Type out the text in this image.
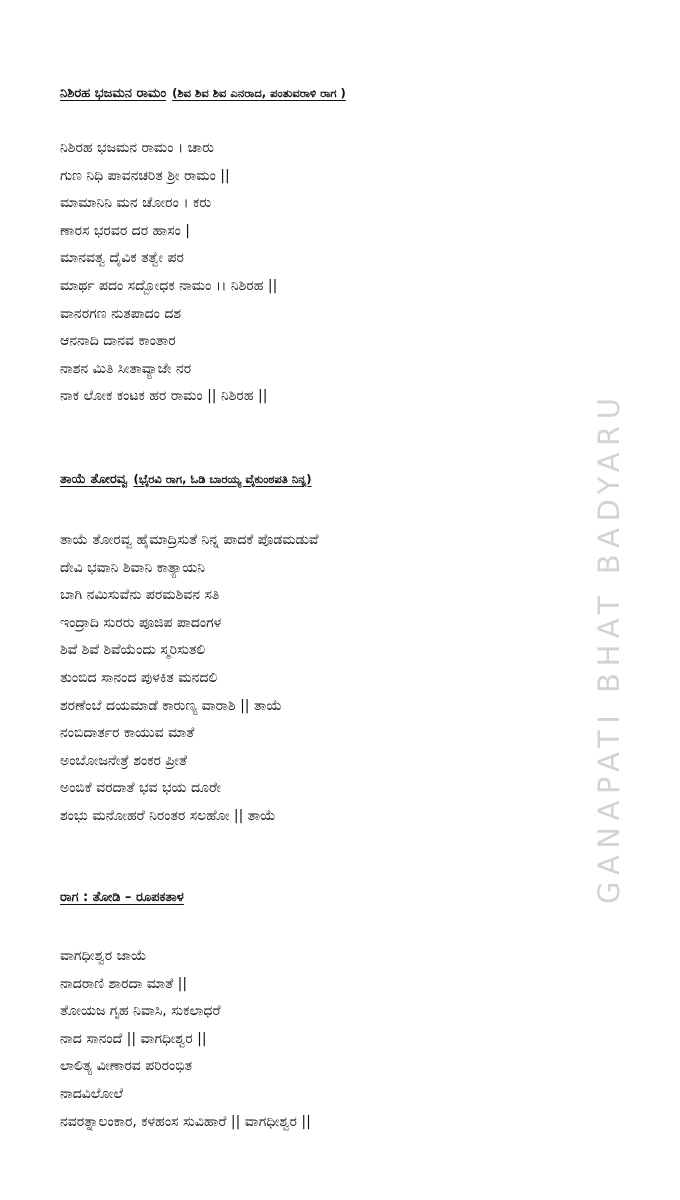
ನಿಶಿರಹ ಭಜಮನ ರಾಮಂ (ಶಿವ ಶಿವ ಶಿವ ಎನರಾದ, ಪಂತುವರಾಳಿ ರಾಗ )
ನಿಶಿರಹ ಭಜಮನ ರಾಮಂ । ಚಾರು
ಗುಣ ನಿಧಿ ಪಾವನಚರಿತ ಶ್ರೀ ರಾಮಂ ||
ಮಾಮಾನಿನಿ ಮನ ಚೋರಂ । ಕರು
ಣಾರಸ ಭರವರ ದರ ಹಾಸಂ |
ಮಾನವತ್ವ ದೈವಿಕ ತತ್ವೇ ಪರ
ಮಾರ್ಥ ಪದಂ ಸದ್ಬೋಧಕ ನಾಮಂ ।। ನಿಶಿರಹ ||
ವಾನರಗಣ ನುತಪಾದಂ ದಶ
ಆನನಾದಿ ದಾನವ ಕಾಂತಾರ
ನಾಶನ ಮಿತಿ ಸೀತಾವ್ಯಾಜೇ ನರ
ನಾಕ ಲೋಕ ಕಂಟಕ ಹರ ರಾಮಂ || ನಿಶಿರಹ ||
ತಾಯೆ ತೋರವ್ವ (ಭೈರವಿ ರಾಗ, ಓಡಿ ಬಾರಯ್ಯ ವೈಕುಂಠಪತಿ ನಿನ್ನ)
ತಾಯೆ ತೋರವ್ವ ಹೈಮಾದ್ರಿಸುತೆ ನಿನ್ನ ಪಾದಕೆ ಪೊಡಮಡುವೆ
ದೇವಿ ಭವಾನಿ ಶಿವಾನಿ ಕಾತ್ಯಾಯನಿ
ಬಾಗಿ ನಮಿಸುವೆನು ಪರಮಶಿವನ ಸತಿ
ಇಂದ್ರಾದಿ ಸುರರು ಪೂಜಿಪ ಪಾದಂಗಳ
ಶಿವೆ ಶಿವೆ ಶಿವೆಯೆಂದು ಸ್ಮರಿಸುತಲಿ
ತುಂಬಿದ ಸಾನಂದ ಪುಳಕಿತ ಮನದಲಿ
ಶರಣೆಂಬೆ ದಯಮಾಡೆ ಕಾರುಣ್ಯ ವಾರಾಶಿ || ತಾಯೆ
ನಂಬಿದಾರ್ತರ ಕಾಯುವ ಮಾತೆ
ಅಂಬೋಜನೇತ್ರೆ ಶಂಕರ ಪ್ರೀತೆ
ಅಂಬಿಕೆ ವರದಾತೆ ಭವ ಭಯ ದೂರೇ
ಶಂಭು ಮನೋಹರೆ ನಿರಂತರ ಸಲಹೋ || ತಾಯೆ
ರಾಗ : ತೋಡಿ – ರೂಪಕತಾಳ
ವಾಗಧೀಶ್ವರ ಜಾಯೆ
ನಾದರಾಣಿ ಶಾರದಾ ಮಾತೆ ||
ತೋಯಜ ಗೃಹ ನಿವಾಸಿ, ಸುಕಲಾಧರೆ
ನಾದ ಸಾನಂದೆ || ವಾಗಧೀಶ್ವರ ||
ಲಾಲಿತ್ಯ ವೀಣಾರವ ಪರಿರಂಭಿತ
ನಾದವಿಲೋಲೆ
ನವರತ್ನಾಲಂಕಾರ, ಕಳಹಂಸ ಸುವಿಹಾರೆ || ವಾಗಧೀಶ್ವರ ||
GANAPATI BHAT BADYARU
